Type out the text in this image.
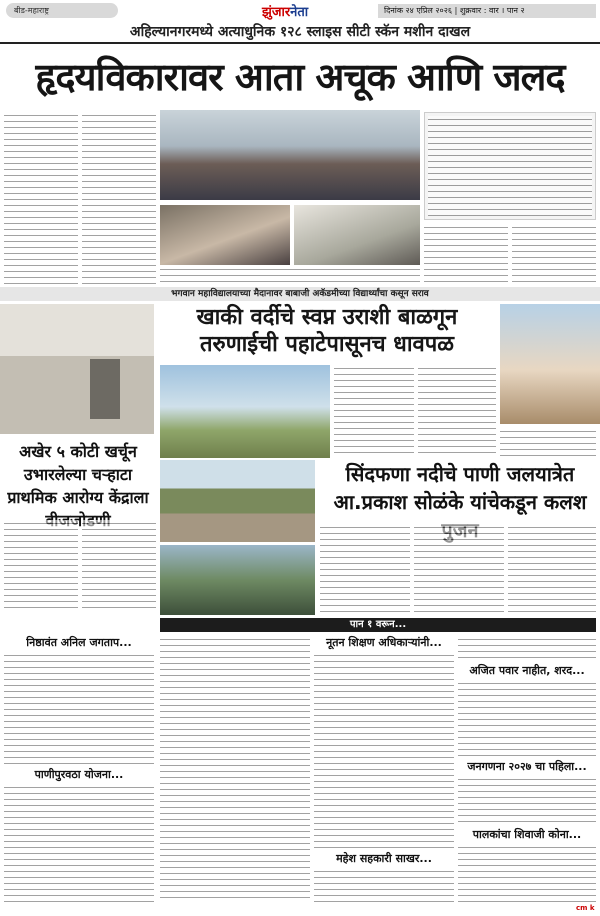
बीड-महाराष्ट्र	झुंजारनेता	दिनांक २४ एप्रिल २०२६ | शुक्रवार : वार । पान २
अहिल्यानगरमध्ये अत्याधुनिक १२८ स्लाइस सीटी स्कॅन मशीन दाखल
हृदयविकारावर आता अचूक आणि जलद
भगवान महाविद्यालयाच्या मैदानावर बाबाजी अकॅडमीच्या विद्यार्थ्यांचा कसून सराव
खाकी वर्दीचे स्वप्न उराशी बाळगून तरुणाईची पहाटेपासूनच धावपळ
अखेर ५ कोटी खर्चून उभारलेल्या चऱ्हाटा प्राथमिक आरोग्य केंद्राला
सिंदफणा नदीचे पाणी जलयात्रेत आ.प्रकाश सोळंके यांचेकडून कलश
पान १ वरून...
निष्ठावंत अनिल जगताप...
पाणीपुरवठा योजना...
नूतन शिक्षण अधिकाऱ्यांनी...
महेश सहकारी साखर...
अजित पवार नाहीत, शरद...
जनगणना २०२७ चा पहिला...
पालकांचा शिवाजी कोना...
cm k
